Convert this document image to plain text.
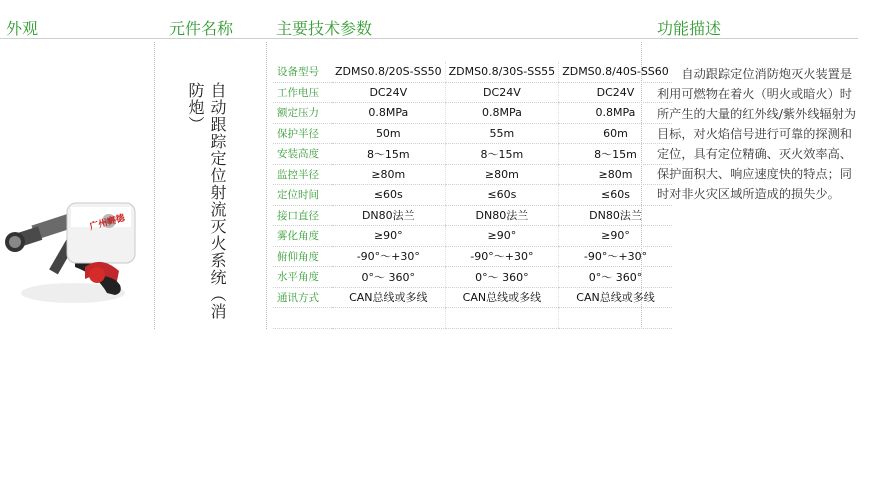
外观	元件名称	主要技术参数	功能描述
广州赛德	自动跟踪定位射流灭火系统（消防炮）
设备型号	ZDMS0.8/20S-SS50	ZDMS0.8/30S-SS55	ZDMS0.8/40S-SS60
工作电压	DC24V	DC24V	DC24V
额定压力	0.8MPa	0.8MPa	0.8MPa
保护半径	50m	55m	60m
安装高度	8～15m	8～15m	8～15m
监控半径	≥80m	≥80m	≥80m
定位时间	≤60s	≤60s	≤60s
接口直径	DN80法兰	DN80法兰	DN80法兰
雾化角度	≥90°	≥90°	≥90°
俯仰角度	-90°～+30°	-90°～+30°	-90°～+30°
水平角度	0°～ 360°	0°～ 360°	0°～ 360°
通讯方式	CAN总线或多线	CAN总线或多线	CAN总线或多线

自动跟踪定位消防炮灭火装置是利用可燃物在着火（明火或暗火）时所产生的大量的红外线/紫外线辐射为目标，对火焰信号进行可靠的探测和定位，具有定位精确、灭火效率高、保护面积大、响应速度快的特点；同时对非火灾区域所造成的损失少。
